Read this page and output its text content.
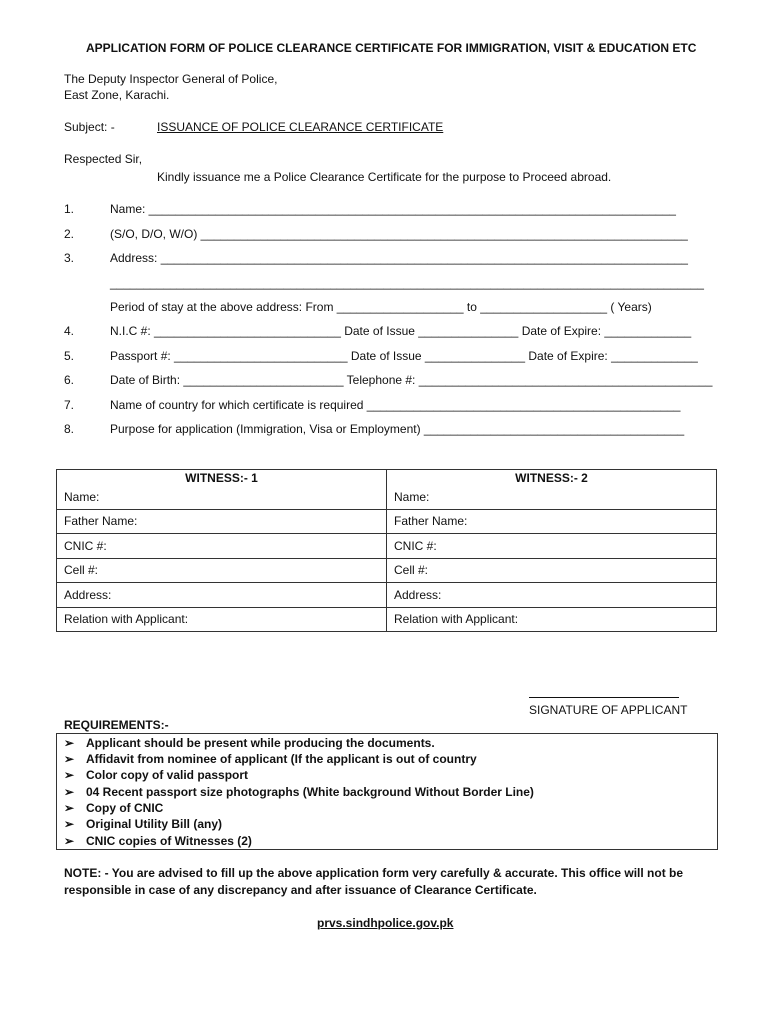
APPLICATION FORM OF POLICE CLEARANCE CERTIFICATE FOR IMMIGRATION, VISIT & EDUCATION ETC
The Deputy Inspector General of Police,
East Zone, Karachi.
Subject: -	ISSUANCE OF POLICE CLEARANCE CERTIFICATE
Respected Sir,
Kindly issuance me a Police Clearance Certificate for the purpose to Proceed abroad.
1.	Name: _______________________________________________________________________________
2.	(S/O, D/O, W/O) _________________________________________________________________________
3.	Address: _______________________________________________________________________________
_________________________________________________________________________________________
Period of stay at the above address: From ___________________ to ___________________ ( Years)
4.	N.I.C #: ____________________________ Date of Issue _______________ Date of Expire: _____________
5.	Passport #: __________________________ Date of Issue _______________ Date of Expire: _____________
6.	Date of Birth: ________________________ Telephone #: ____________________________________________
7.	Name of country for which certificate is required _______________________________________________
8.	Purpose for application (Immigration, Visa or Employment) _______________________________________
WITNESS:- 1	WITNESS:- 2
Name:	Name:
Father Name:	Father Name:
CNIC #:	CNIC #:
Cell #:	Cell #:
Address:	Address:
Relation with Applicant:	Relation with Applicant:
SIGNATURE OF APPLICANT
REQUIREMENTS:-
➢ Applicant should be present while producing the documents.
➢ Affidavit from nominee of applicant (If the applicant is out of country
➢ Color copy of valid passport
➢ 04 Recent passport size photographs (White background Without Border Line)
➢ Copy of CNIC
➢ Original Utility Bill (any)
➢ CNIC copies of Witnesses (2)
NOTE: - You are advised to fill up the above application form very carefully & accurate. This office will not be
responsible in case of any discrepancy and after issuance of Clearance Certificate.
prvs.sindhpolice.gov.pk
